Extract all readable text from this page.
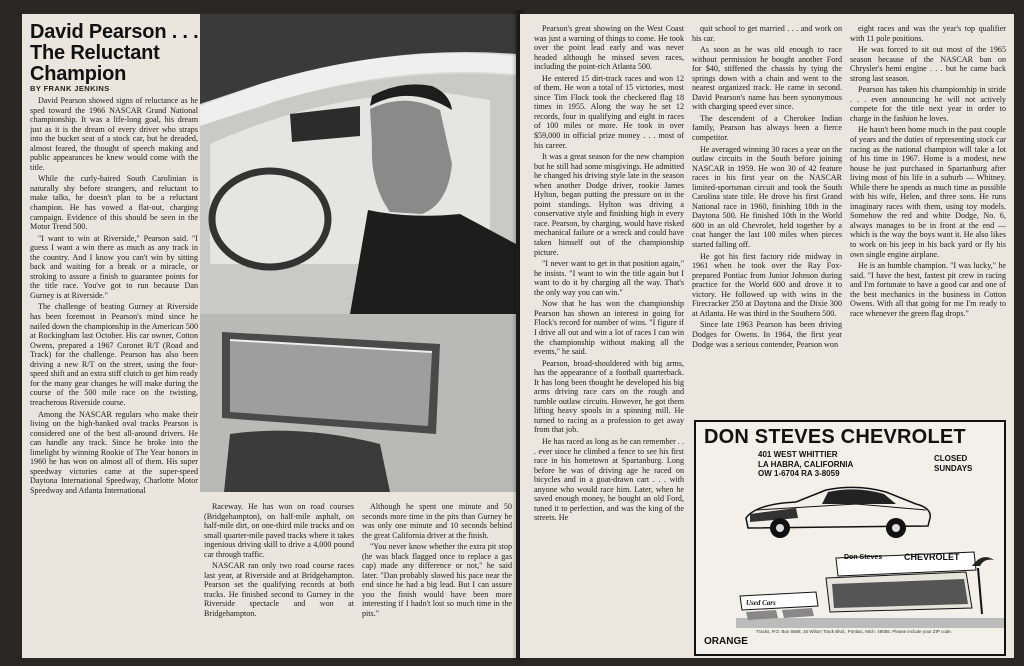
David Pearson . . .
The Reluctant
Champion
BY FRANK JENKINS

David Pearson showed signs of reluctance as he sped toward the 1966 NASCAR Grand National championship. It was a life-long goal, his dream just as it is the dream of every driver who straps into the bucket seat of a stock car, but he dreaded, almost feared, the thought of speech making and public appearances he knew would come with the title.

While the curly-haired South Carolinian is naturally shy before strangers, and reluctant to make talks, he doesn't plan to be a reluctant champion. He has vowed a flat-out, charging campaign. Evidence of this should be seen in the Motor Trend 500.

"I want to win at Riverside," Pearson said. "I guess I want a win there as much as any track in the country. And I know you can't win by sitting back and waiting for a break or a miracle, or stroking to assure a finish to guarantee points for the title race. You've got to run because Dan Gurney is at Riverside."

The challenge of beating Gurney at Riverside has been foremost in Pearson's mind since he nailed down the championship in the American 500 at Rockingham last October. His car owner, Cotton Owens, prepared a 1967 Coronet R/T (Road and Track) for the challenge. Pearson has also been driving a new R/T on the street, using the four-speed shift and an extra stiff clutch to get him ready for the many gear changes he will make during the course of the 500 mile race on the twisting, treacherous Riverside course.

Among the NASCAR regulars who make their living on the high-banked oval tracks Pearson is considered one of the best all-around drivers. He can handle any track. Since he broke into the limelight by winning Rookie of The Year honors in 1960 he has won on almost all of them. His super speedway victories came at the super-speed Daytona International Speedway, Charlotte Motor Speedway and Atlanta International

Raceway. He has won on road courses (Bridgehampton), on half-mile asphalt, on half-mile dirt, on one-third mile tracks and on small quarter-mile paved tracks where it takes ingenious driving skill to drive a 4,000 pound car through traffic.

NASCAR ran only two road course races last year, at Riverside and at Bridgehampton. Pearson set the qualifying records at both tracks. He finished second to Gurney in the Riverside spectacle and won at Bridgehampton.

Although he spent one minute and 50 seconds more time in the pits than Gurney he was only one minute and 10 seconds behind the great California driver at the finish.

"You never know whether the extra pit stop (he was black flagged once to replace a gas cap) made any difference or not," he said later. "Dan probably slowed his pace near the end since he had a big lead. But I can assure you the finish would have been more interesting if I hadn't lost so much time in the pits."

Pearson's great showing on the West Coast was just a warning of things to come. He took over the point lead early and was never headed although he missed seven races, including the point-rich Atlanta 500.

He entered 15 dirt-track races and won 12 of them. He won a total of 15 victories, most since Tim Flock took the checkered flag 18 times in 1955. Along the way he set 12 records, four in qualifying and eight in races of 100 miles or more. He took in over $59,000 in official prize money . . . most of his career.

It was a great season for the new champion but he still had some misgivings. He admitted he changed his driving style late in the season when another Dodge driver, rookie James Hylton, began putting the pressure on in the point standings. Hylton was driving a conservative style and finishing high in every race. Pearson, by charging, would have risked mechanical failure or a wreck and could have taken himself out of the championship picture.

"I never want to get in that position again," he insists. "I want to win the title again but I want to do it by charging all the way. That's the only way you can win."

Now that he has won the championship Pearson has shown an interest in going for Flock's record for number of wins. "I figure if I drive all out and win a lot of races I can win the championship without making all the events," he said.

Pearson, broad-shouldered with big arms, has the appearance of a football quarterback. It has long been thought he developed his big arms driving race cars on the rough and tumble outlaw circuits. However, he got them lifting heavy spools in a spinning mill. He turned to racing as a profession to get away from that job.

He has raced as long as he can remember . . . ever since he climbed a fence to see his first race in his hometown at Spartanburg. Long before he was of driving age he raced on bicycles and in a goat-drawn cart . . . with anyone who would race him. Later, when he saved enough money, he bought an old Ford, tuned it to perfection, and was the king of the streets. He

quit school to get married . . . and work on his car.

As soon as he was old enough to race without permission he bought another Ford for $40, stiffened the chassis by tying the springs down with a chain and went to the nearest organized track. He came in second. David Pearson's name has been synonymous with charging speed ever since.

The descendent of a Cherokee Indian family, Pearson has always been a fierce competitor.

He averaged winning 30 races a year on the outlaw circuits in the South before joining NASCAR in 1959. He won 30 of 42 feature races in his first year on the NASCAR limited-sportsman circuit and took the South Carolina state title. He drove his first Grand National race in 1960, finishing 18th in the Daytona 500. He finished 10th in the World 600 in an old Chevrolet, held together by a coat hanger the last 100 miles when pieces started falling off.

He got his first factory ride midway in 1961 when he took over the Ray Fox-prepared Pontiac from Junior Johnson during practice for the World 600 and drove it to victory. He followed up with wins in the Firecracker 250 at Daytona and the Dixie 300 at Atlanta. He was third in the Southern 500.

Since late 1963 Pearson has been driving Dodges for Owens. In 1964, the first year Dodge was a serious contender, Pearson won

eight races and was the year's top qualifier with 11 pole positions.

He was forced to sit out most of the 1965 season because of the NASCAR ban on Chrysler's hemi engine . . . but he came back strong last season.

Pearson has taken his championship in stride . . . even announcing he will not actively compete for the title next year in order to charge in the fashion he loves.

He hasn't been home much in the past couple of years and the duties of representing stock car racing as the national champion will take a lot of his time in 1967. Home is a modest, new house he just purchased in Spartanburg after living most of his life in a suburb — Whitney. While there he spends as much time as possible with his wife, Helen, and three sons. He runs imaginary races with them, using toy models. Somehow the red and white Dodge, No. 6, always manages to be in front at the end — which is the way the boys want it. He also likes to work on his jeep in his back yard or fly his own single engine airplane.

He is an humble champion. "I was lucky," he said. "I have the best, fastest pit crew in racing and I'm fortunate to have a good car and one of the best mechanics in the business in Cotton Owens. With all that going for me I'm ready to race whenever the green flag drops."

DON STEVES CHEVROLET
401 WEST WHITTIER
LA HABRA, CALIFORNIA
OW 1-6704 RA 3-8059
CLOSED
SUNDAYS
Don Steves CHEVROLET
Used Cars
ORANGE
Tracks, P.O. Box 5668, 16 Wilton Track Blvd., Pontiac, Mich. 48055. Please include your ZIP code.
